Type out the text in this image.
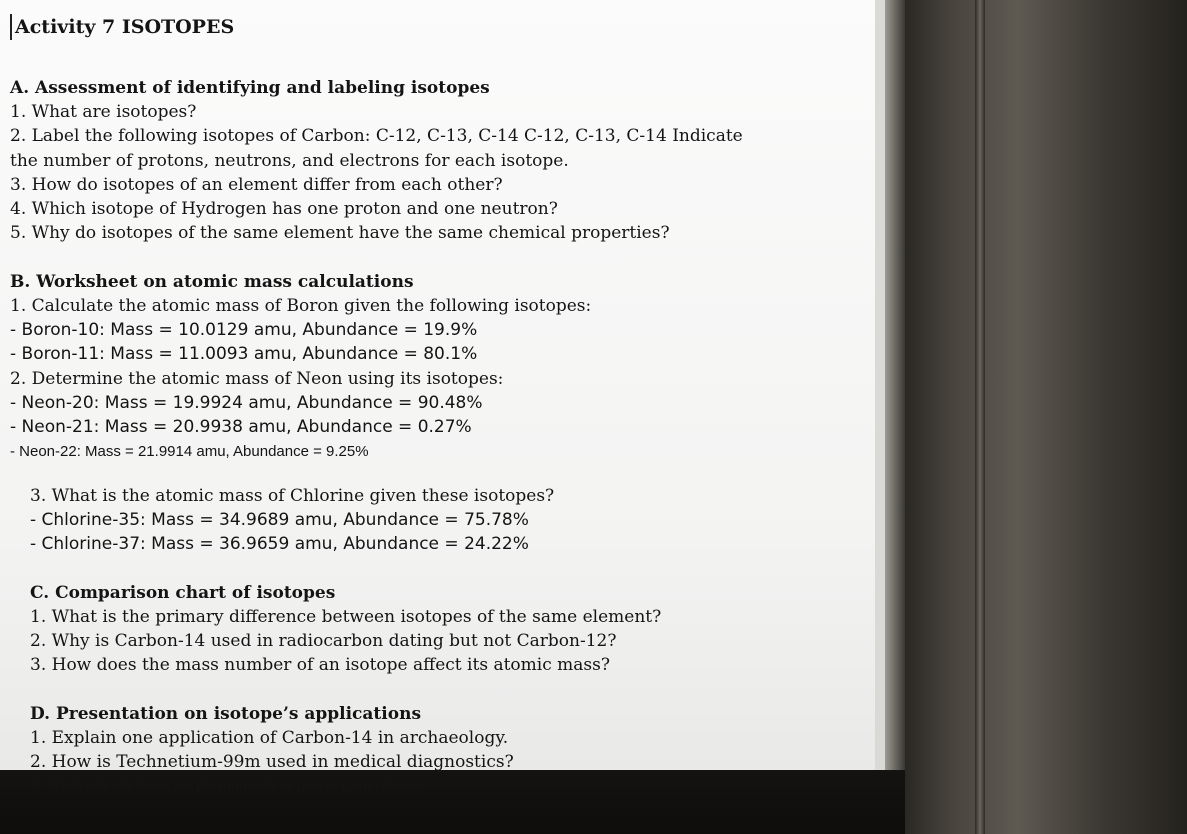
Activity 7 ISOTOPES
A. Assessment of identifying and labeling isotopes
1. What are isotopes?
2. Label the following isotopes of Carbon: C-12, C-13, C-14 C-12, C-13, C-14 Indicate
the number of protons, neutrons, and electrons for each isotope.
3. How do isotopes of an element differ from each other?
4. Which isotope of Hydrogen has one proton and one neutron?
5. Why do isotopes of the same element have the same chemical properties?
B. Worksheet on atomic mass calculations
1. Calculate the atomic mass of Boron given the following isotopes:
- Boron-10: Mass = 10.0129 amu, Abundance = 19.9%
- Boron-11: Mass = 11.0093 amu, Abundance = 80.1%
2. Determine the atomic mass of Neon using its isotopes:
- Neon-20: Mass = 19.9924 amu, Abundance = 90.48%
- Neon-21: Mass = 20.9938 amu, Abundance = 0.27%
- Neon-22: Mass = 21.9914 amu, Abundance = 9.25%
3. What is the atomic mass of Chlorine given these isotopes?
- Chlorine-35: Mass = 34.9689 amu, Abundance = 75.78%
- Chlorine-37: Mass = 36.9659 amu, Abundance = 24.22%
C. Comparison chart of isotopes
1. What is the primary difference between isotopes of the same element?
2. Why is Carbon-14 used in radiocarbon dating but not Carbon-12?
3. How does the mass number of an isotope affect its atomic mass?
D. Presentation on isotope’s applications
1. Explain one application of Carbon-14 in archaeology.
2. How is Technetium-99m used in medical diagnostics?
3. What role do isotopes play in nuclear power generation?
